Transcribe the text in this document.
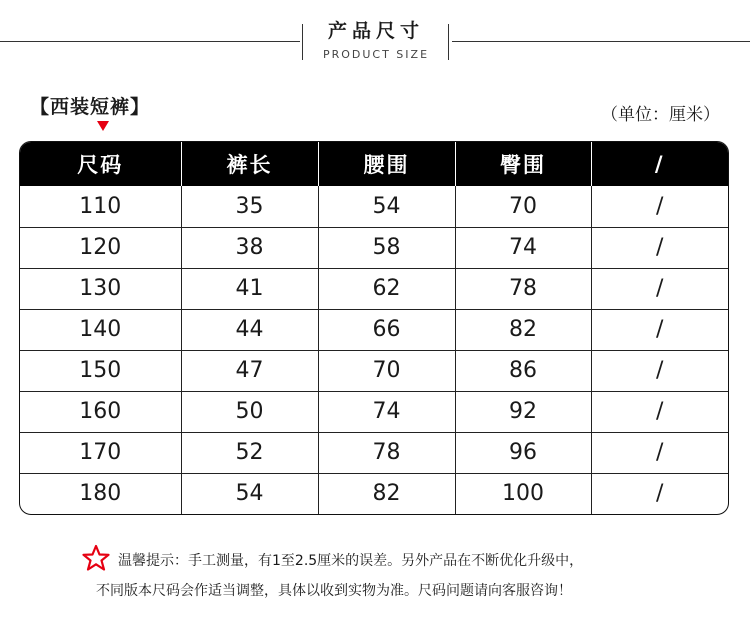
产品尺寸
PRODUCT SIZE
【西装短裤】	（单位：厘米）
尺码	裤长	腰围	臀围	/
110	35	54	70	/
120	38	58	74	/
130	41	62	78	/
140	44	66	82	/
150	47	70	86	/
160	50	74	92	/
170	52	78	96	/
180	54	82	100	/
温馨提示：手工测量，有1至2.5厘米的误差。另外产品在不断优化升级中，
不同版本尺码会作适当调整，具体以收到实物为准。尺码问题请向客服咨询！
